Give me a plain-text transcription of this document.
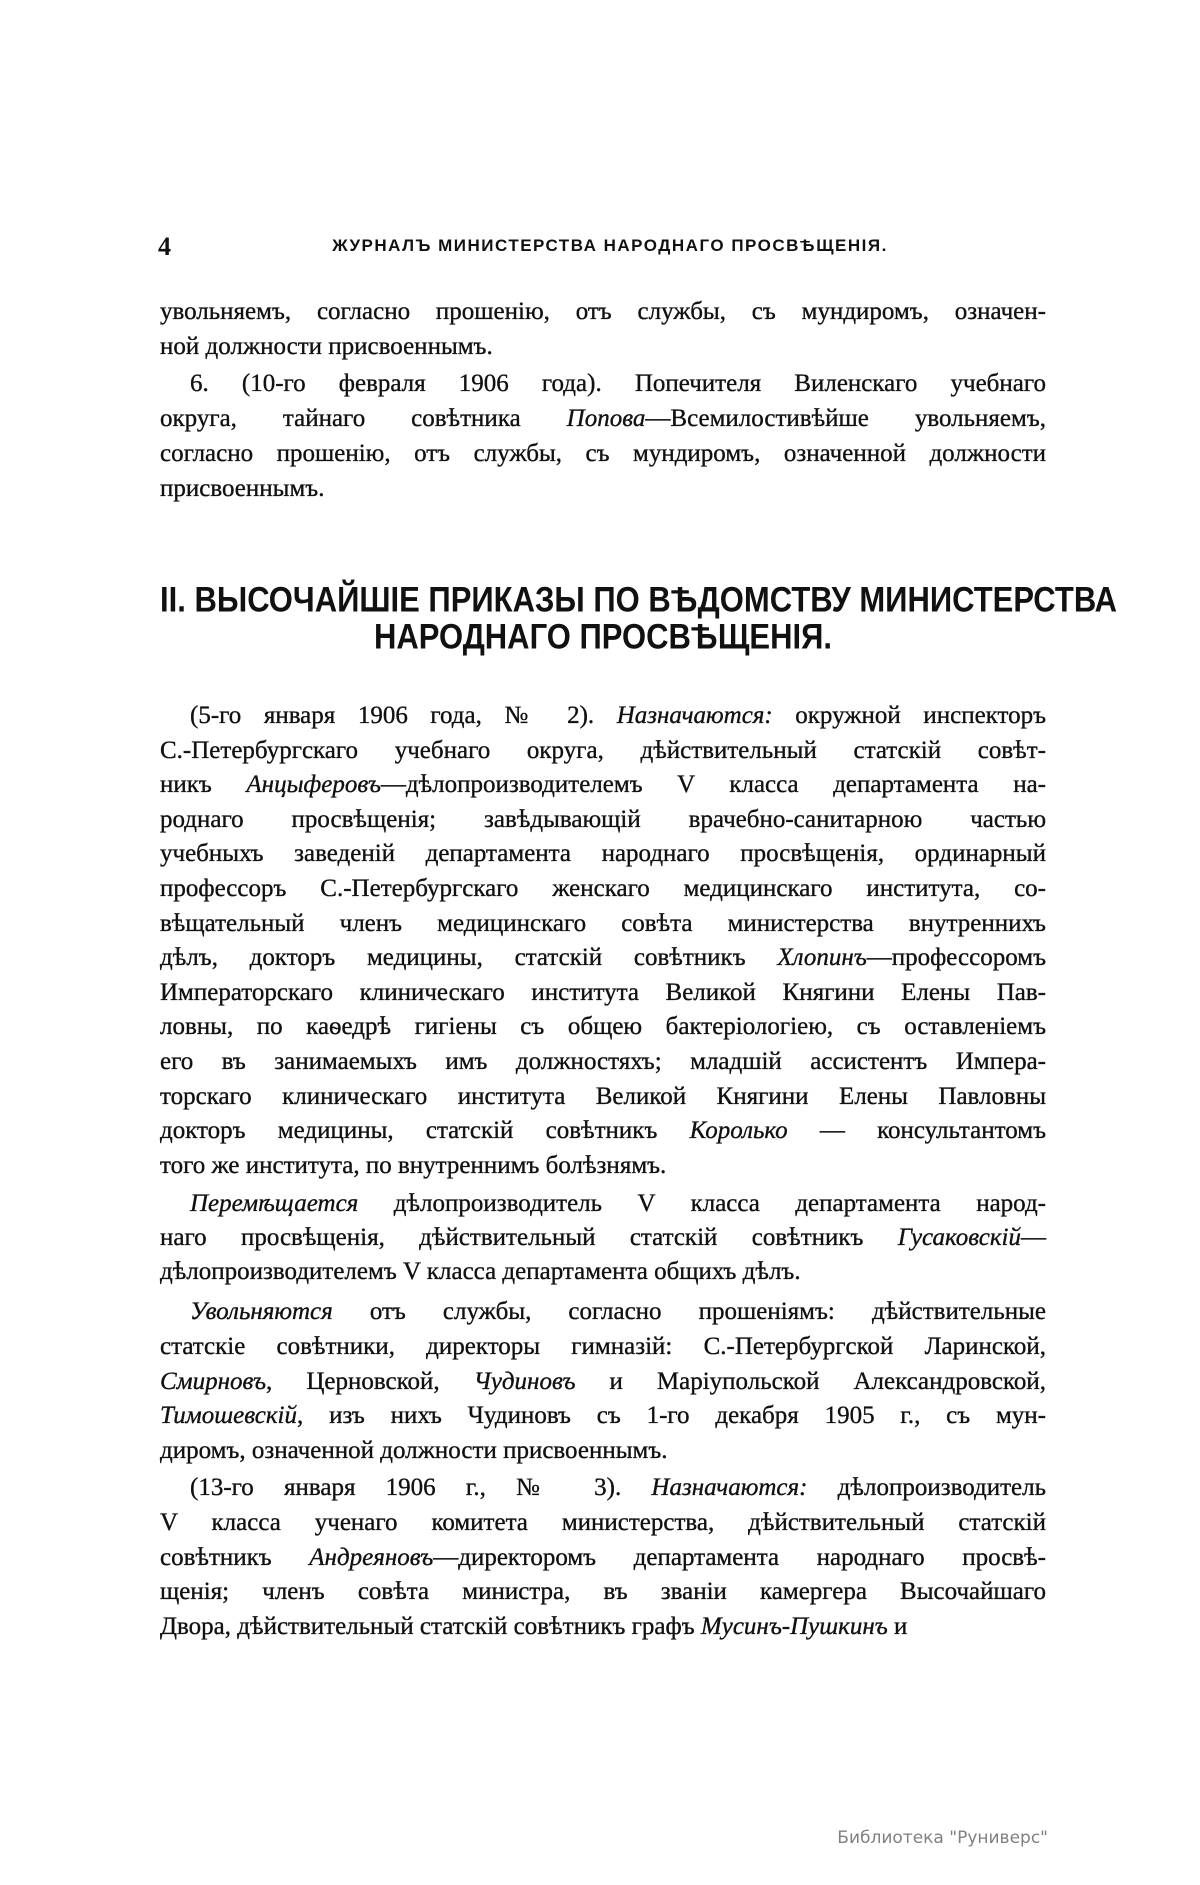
4	ЖУРНАЛЪ МИНИСТЕРСТВА НАРОДНАГО ПРОСВѢЩЕНІЯ.
II. ВЫСОЧАЙШІЕ ПРИКАЗЫ ПО ВѢДОМСТВУ МИНИСТЕРСТВА
НАРОДНАГО ПРОСВѢЩЕНІЯ.
увольняемъ, согласно прошенію, отъ службы, съ мундиромъ, означен-
ной должности присвоеннымъ.
6. (10-го февраля 1906 года). Попечителя Виленскаго учебнаго
округа, тайнаго совѣтника Попова—Всемилостивѣйше увольняемъ,
согласно прошенію, отъ службы, съ мундиромъ, означенной должности
присвоеннымъ.
(5-го января 1906 года, № 2). Назначаются: окружной инспекторъ
С.-Петербургскаго учебнаго округа, дѣйствительный статскій совѣт-
никъ Анцыферовъ—дѣлопроизводителемъ V класса департамента на-
роднаго просвѣщенія; завѣдывающій врачебно-санитарною частью
учебныхъ заведеній департамента народнаго просвѣщенія, ординарный
профессоръ С.-Петербургскаго женскаго медицинскаго института, со-
вѣщательный членъ медицинскаго совѣта министерства внутреннихъ
дѣлъ, докторъ медицины, статскій совѣтникъ Хлопинъ—профессоромъ
Императорскаго клиническаго института Великой Княгини Елены Пав-
ловны, по каѳедрѣ гигіены съ общею бактеріологіею, съ оставленіемъ
его въ занимаемыхъ имъ должностяхъ; младшій ассистентъ Импера-
торскаго клиническаго института Великой Княгини Елены Павловны
докторъ медицины, статскій совѣтникъ Королько — консультантомъ
того же института, по внутреннимъ болѣзнямъ.
Перемѣщается дѣлопроизводитель V класса департамента народ-
наго просвѣщенія, дѣйствительный статскій совѣтникъ Гусаковскій—
дѣлопроизводителемъ V класса департамента общихъ дѣлъ.
Увольняются отъ службы, согласно прошеніямъ: дѣйствительные
статскіе совѣтники, директоры гимназій: С.-Петербургской Ларинской,
Смирновъ, Церновской, Чудиновъ и Маріупольской Александровской,
Тимошевскій, изъ нихъ Чудиновъ съ 1-го декабря 1905 г., съ мун-
диромъ, означенной должности присвоеннымъ.
(13-го января 1906 г., № 3). Назначаются: дѣлопроизводитель
V класса ученаго комитета министерства, дѣйствительный статскій
совѣтникъ Андреяновъ—директоромъ департамента народнаго просвѣ-
щенія; членъ совѣта министра, въ званіи камергера Высочайшаго
Двора, дѣйствительный статскій совѣтникъ графъ Мусинъ-Пушкинъ и
Библиотека "Руниверс"
